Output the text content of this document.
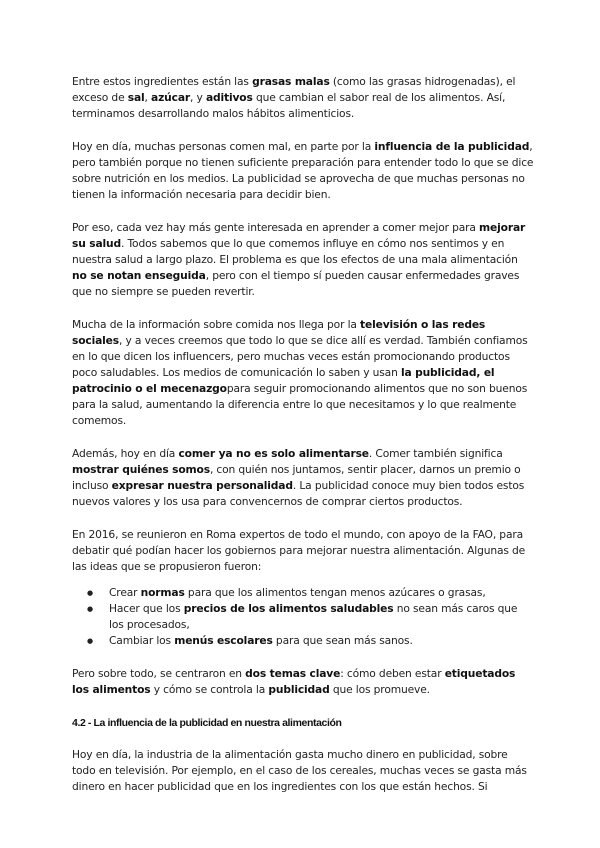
Entre estos ingredientes están las grasas malas (como las grasas hidrogenadas), el exceso de sal, azúcar, y aditivos que cambian el sabor real de los alimentos. Así, terminamos desarrollando malos hábitos alimenticios.

Hoy en día, muchas personas comen mal, en parte por la influencia de la publicidad, pero también porque no tienen suficiente preparación para entender todo lo que se dice sobre nutrición en los medios. La publicidad se aprovecha de que muchas personas no tienen la información necesaria para decidir bien.

Por eso, cada vez hay más gente interesada en aprender a comer mejor para mejorar su salud. Todos sabemos que lo que comemos influye en cómo nos sentimos y en nuestra salud a largo plazo. El problema es que los efectos de una mala alimentación no se notan enseguida, pero con el tiempo sí pueden causar enfermedades graves que no siempre se pueden revertir.

Mucha de la información sobre comida nos llega por la televisión o las redes sociales, y a veces creemos que todo lo que se dice allí es verdad. También confiamos en lo que dicen los influencers, pero muchas veces están promocionando productos poco saludables. Los medios de comunicación lo saben y usan la publicidad, el patrocinio o el mecenazgopara seguir promocionando alimentos que no son buenos para la salud, aumentando la diferencia entre lo que necesitamos y lo que realmente comemos.

Además, hoy en día comer ya no es solo alimentarse. Comer también significa mostrar quiénes somos, con quién nos juntamos, sentir placer, darnos un premio o incluso expresar nuestra personalidad. La publicidad conoce muy bien todos estos nuevos valores y los usa para convencernos de comprar ciertos productos.

En 2016, se reunieron en Roma expertos de todo el mundo, con apoyo de la FAO, para debatir qué podían hacer los gobiernos para mejorar nuestra alimentación. Algunas de las ideas que se propusieron fueron:

● Crear normas para que los alimentos tengan menos azúcares o grasas,
● Hacer que los precios de los alimentos saludables no sean más caros que los procesados,
● Cambiar los menús escolares para que sean más sanos.

Pero sobre todo, se centraron en dos temas clave: cómo deben estar etiquetados los alimentos y cómo se controla la publicidad que los promueve.

4.2 - La influencia de la publicidad en nuestra alimentación

Hoy en día, la industria de la alimentación gasta mucho dinero en publicidad, sobre todo en televisión. Por ejemplo, en el caso de los cereales, muchas veces se gasta más dinero en hacer publicidad que en los ingredientes con los que están hechos. Si
